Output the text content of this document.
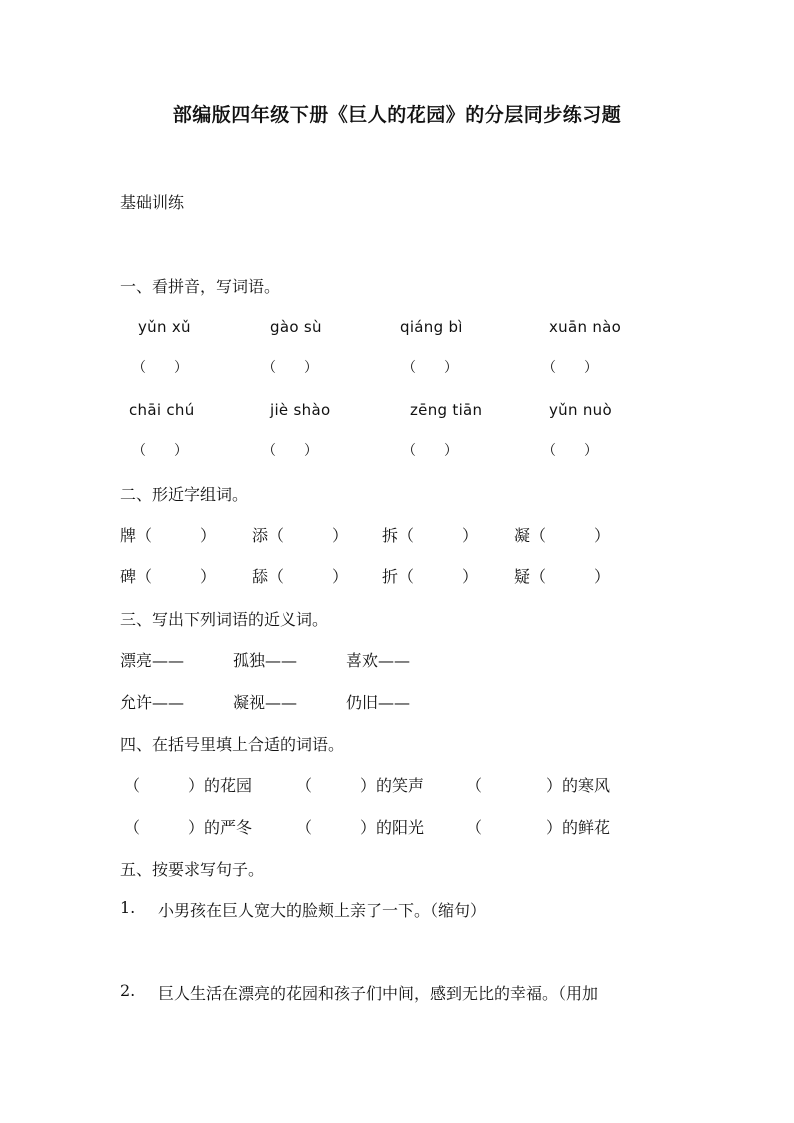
部编版四年级下册《巨人的花园》的分层同步练习题
基础训练
一、看拼音，写词语。
yǔn xǔ	gào sù	qiáng bì	xuān nào
（　　）	（　　）	（　　）	（　　）
chāi chú	jiè shào	zēng tiān	yǔn nuò
（　　）	（　　）	（　　）	（　　）
二、形近字组词。
牌（　　　） 添（　　　） 拆（　　　） 凝（　　　）
碑（　　　） 舔（　　　） 折（　　　） 疑（　　　）
三、写出下列词语的近义词。
漂亮——	孤独——	喜欢——
允许——	凝视——	仍旧——
四、在括号里填上合适的词语。
（　　　）的花园	（　　　）的笑声	（　　　　）的寒风
（　　　）的严冬	（　　　）的阳光	（　　　　）的鲜花
五、按要求写句子。
1. 小男孩在巨人宽大的脸颊上亲了一下。（缩句）
2. 巨人生活在漂亮的花园和孩子们中间，感到无比的幸福。（用加
